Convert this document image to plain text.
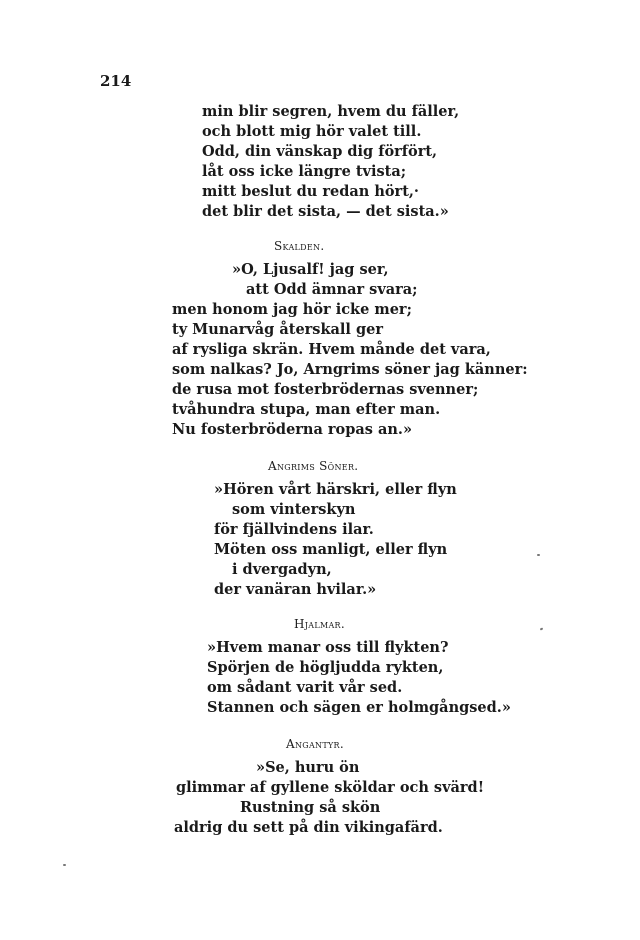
214
min blir segren, hvem du fäller,
och blott mig hör valet till.
Odd, din vänskap dig förfört,
låt oss icke längre tvista;
mitt beslut du redan hört,·
det blir det sista, — det sista.»
Skalden.
»O, Ljusalf! jag ser,
att Odd ämnar svara;
men honom jag hör icke mer;
ty Munarvåg återskall ger
af rysliga skrän. Hvem månde det vara,
som nalkas? Jo, Arngrims söner jag känner:
de rusa mot fosterbrödernas svenner;
tvåhundra stupa, man efter man.
Nu fosterbröderna ropas an.»
Angrims Söner.
»Hören vårt härskri, eller flyn
som vinterskyn
för fjällvindens ilar.
Möten oss manligt, eller flyn
i dvergadyn,
der vanäran hvilar.»
Hjalmar.
»Hvem manar oss till flykten?
Spörjen de högljudda rykten,
om sådant varit vår sed.
Stannen och sägen er holmgångsed.»
Angantyr.
»Se, huru ön
glimmar af gyllene sköldar och svärd!
Rustning så skön
aldrig du sett på din vikingafärd.
